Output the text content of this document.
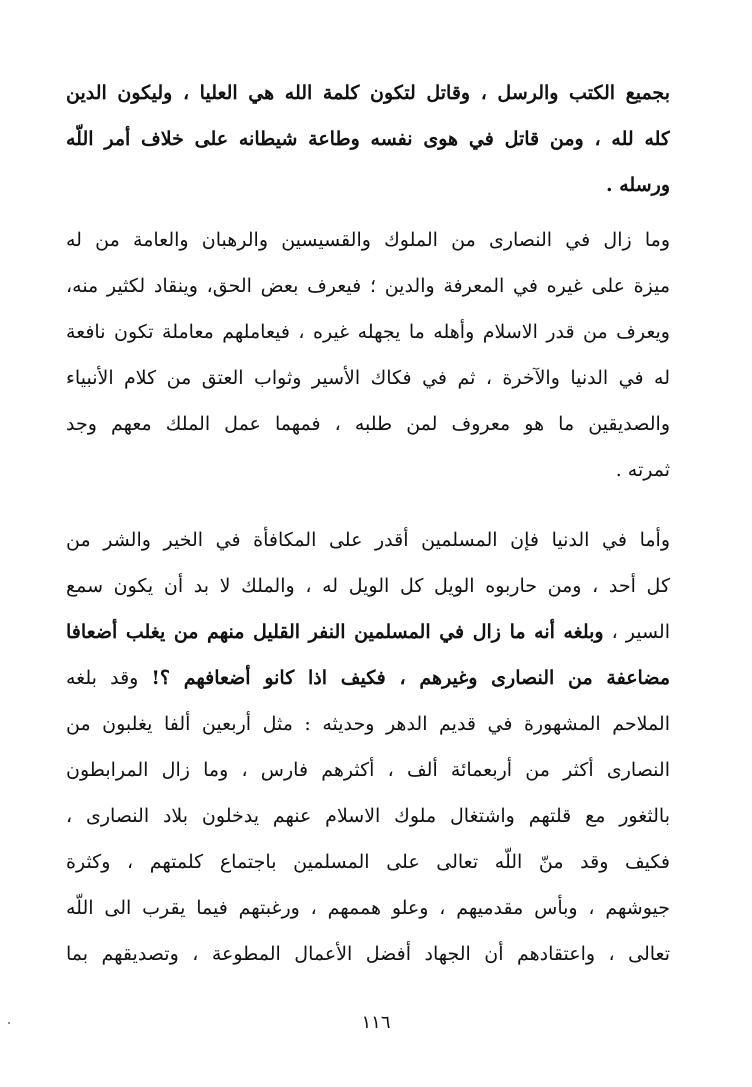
بجميع الكتب والرسل ، وقاتل لتكون كلمة الله هي العليا ، وليكون الدين
كله لله ، ومن قاتل في هوى نفسه وطاعة شيطانه على خلاف أمر اللّه
ورسله .
وما زال في النصارى من الملوك والقسيسين والرهبان والعامة من له
ميزة على غيره في المعرفة والدين ؛ فيعرف بعض الحق، وينقاد لكثير منه،
ويعرف من قدر الاسلام وأهله ما يجهله غيره ، فيعاملهم معاملة تكون نافعة
له في الدنيا والآخرة ، ثم في فكاك الأسير وثواب العتق من كلام الأنبياء
والصديقين ما هو معروف لمن طلبه ، فمهما عمل الملك معهم وجد
ثمرته .
وأما في الدنيا فإن المسلمين أقدر على المكافأة في الخير والشر من
كل أحد ، ومن حاربوه الويل كل الويل له ، والملك لا بد أن يكون سمع
السير ، وبلغه أنه ما زال في المسلمين النفر القليل منهم من يغلب أضعافا
مضاعفة من النصارى وغيرهم ، فكيف اذا كانو أضعافهم ؟! وقد بلغه
الملاحم المشهورة في قديم الدهر وحديثه : مثل أربعين ألفا يغلبون من
النصارى أكثر من أربعمائة ألف ، أكثرهم فارس ، وما زال المرابطون
بالثغور مع قلتهم واشتغال ملوك الاسلام عنهم يدخلون بلاد النصارى ،
فكيف وقد منّ اللّه تعالى على المسلمين باجتماع كلمتهم ، وكثرة
جيوشهم ، وبأس مقدميهم ، وعلو هممهم ، ورغبتهم فيما يقرب الى اللّه
تعالى ، واعتقادهم أن الجهاد أفضل الأعمال المطوعة ، وتصديقهم بما
١١٦
